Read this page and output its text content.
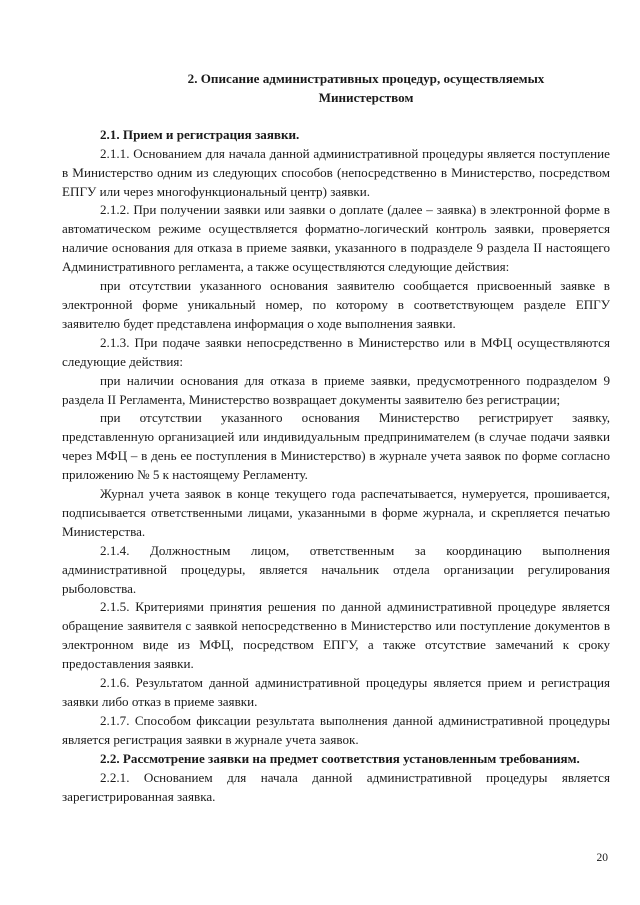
2. Описание административных процедур, осуществляемых
Министерством

2.1. Прием и регистрация заявки.

2.1.1. Основанием для начала данной административной процедуры является поступление в Министерство одним из следующих способов (непосредственно в Министерство, посредством ЕПГУ или через многофункциональный центр) заявки.

2.1.2. При получении заявки или заявки о доплате (далее – заявка) в электронной форме в автоматическом режиме осуществляется форматно-логический контроль заявки, проверяется наличие основания для отказа в приеме заявки, указанного в подразделе 9 раздела II настоящего Административного регламента, а также осуществляются следующие действия:

при отсутствии указанного основания заявителю сообщается присвоенный заявке в электронной форме уникальный номер, по которому в соответствующем разделе ЕПГУ заявителю будет представлена информация о ходе выполнения заявки.

2.1.3. При подаче заявки непосредственно в Министерство или в МФЦ осуществляются следующие действия:

при наличии основания для отказа в приеме заявки, предусмотренного подразделом 9 раздела II Регламента, Министерство возвращает документы заявителю без регистрации;

при отсутствии указанного основания Министерство регистрирует заявку, представленную организацией или индивидуальным предпринимателем (в случае подачи заявки через МФЦ – в день ее поступления в Министерство) в журнале учета заявок по форме согласно приложению № 5 к настоящему Регламенту.

Журнал учета заявок в конце текущего года распечатывается, нумеруется, прошивается, подписывается ответственными лицами, указанными в форме журнала, и скрепляется печатью Министерства.

2.1.4. Должностным лицом, ответственным за координацию выполнения административной процедуры, является начальник отдела организации регулирования рыболовства.

2.1.5. Критериями принятия решения по данной административной процедуре является обращение заявителя с заявкой непосредственно в Министерство или поступление документов в электронном виде из МФЦ, посредством ЕПГУ, а также отсутствие замечаний к сроку предоставления заявки.

2.1.6. Результатом данной административной процедуры является прием и регистрация заявки либо отказ в приеме заявки.

2.1.7. Способом фиксации результата выполнения данной административной процедуры является регистрация заявки в журнале учета заявок.

2.2. Рассмотрение заявки на предмет соответствия установленным требованиям.

2.2.1. Основанием для начала данной административной процедуры является зарегистрированная заявка.

20
